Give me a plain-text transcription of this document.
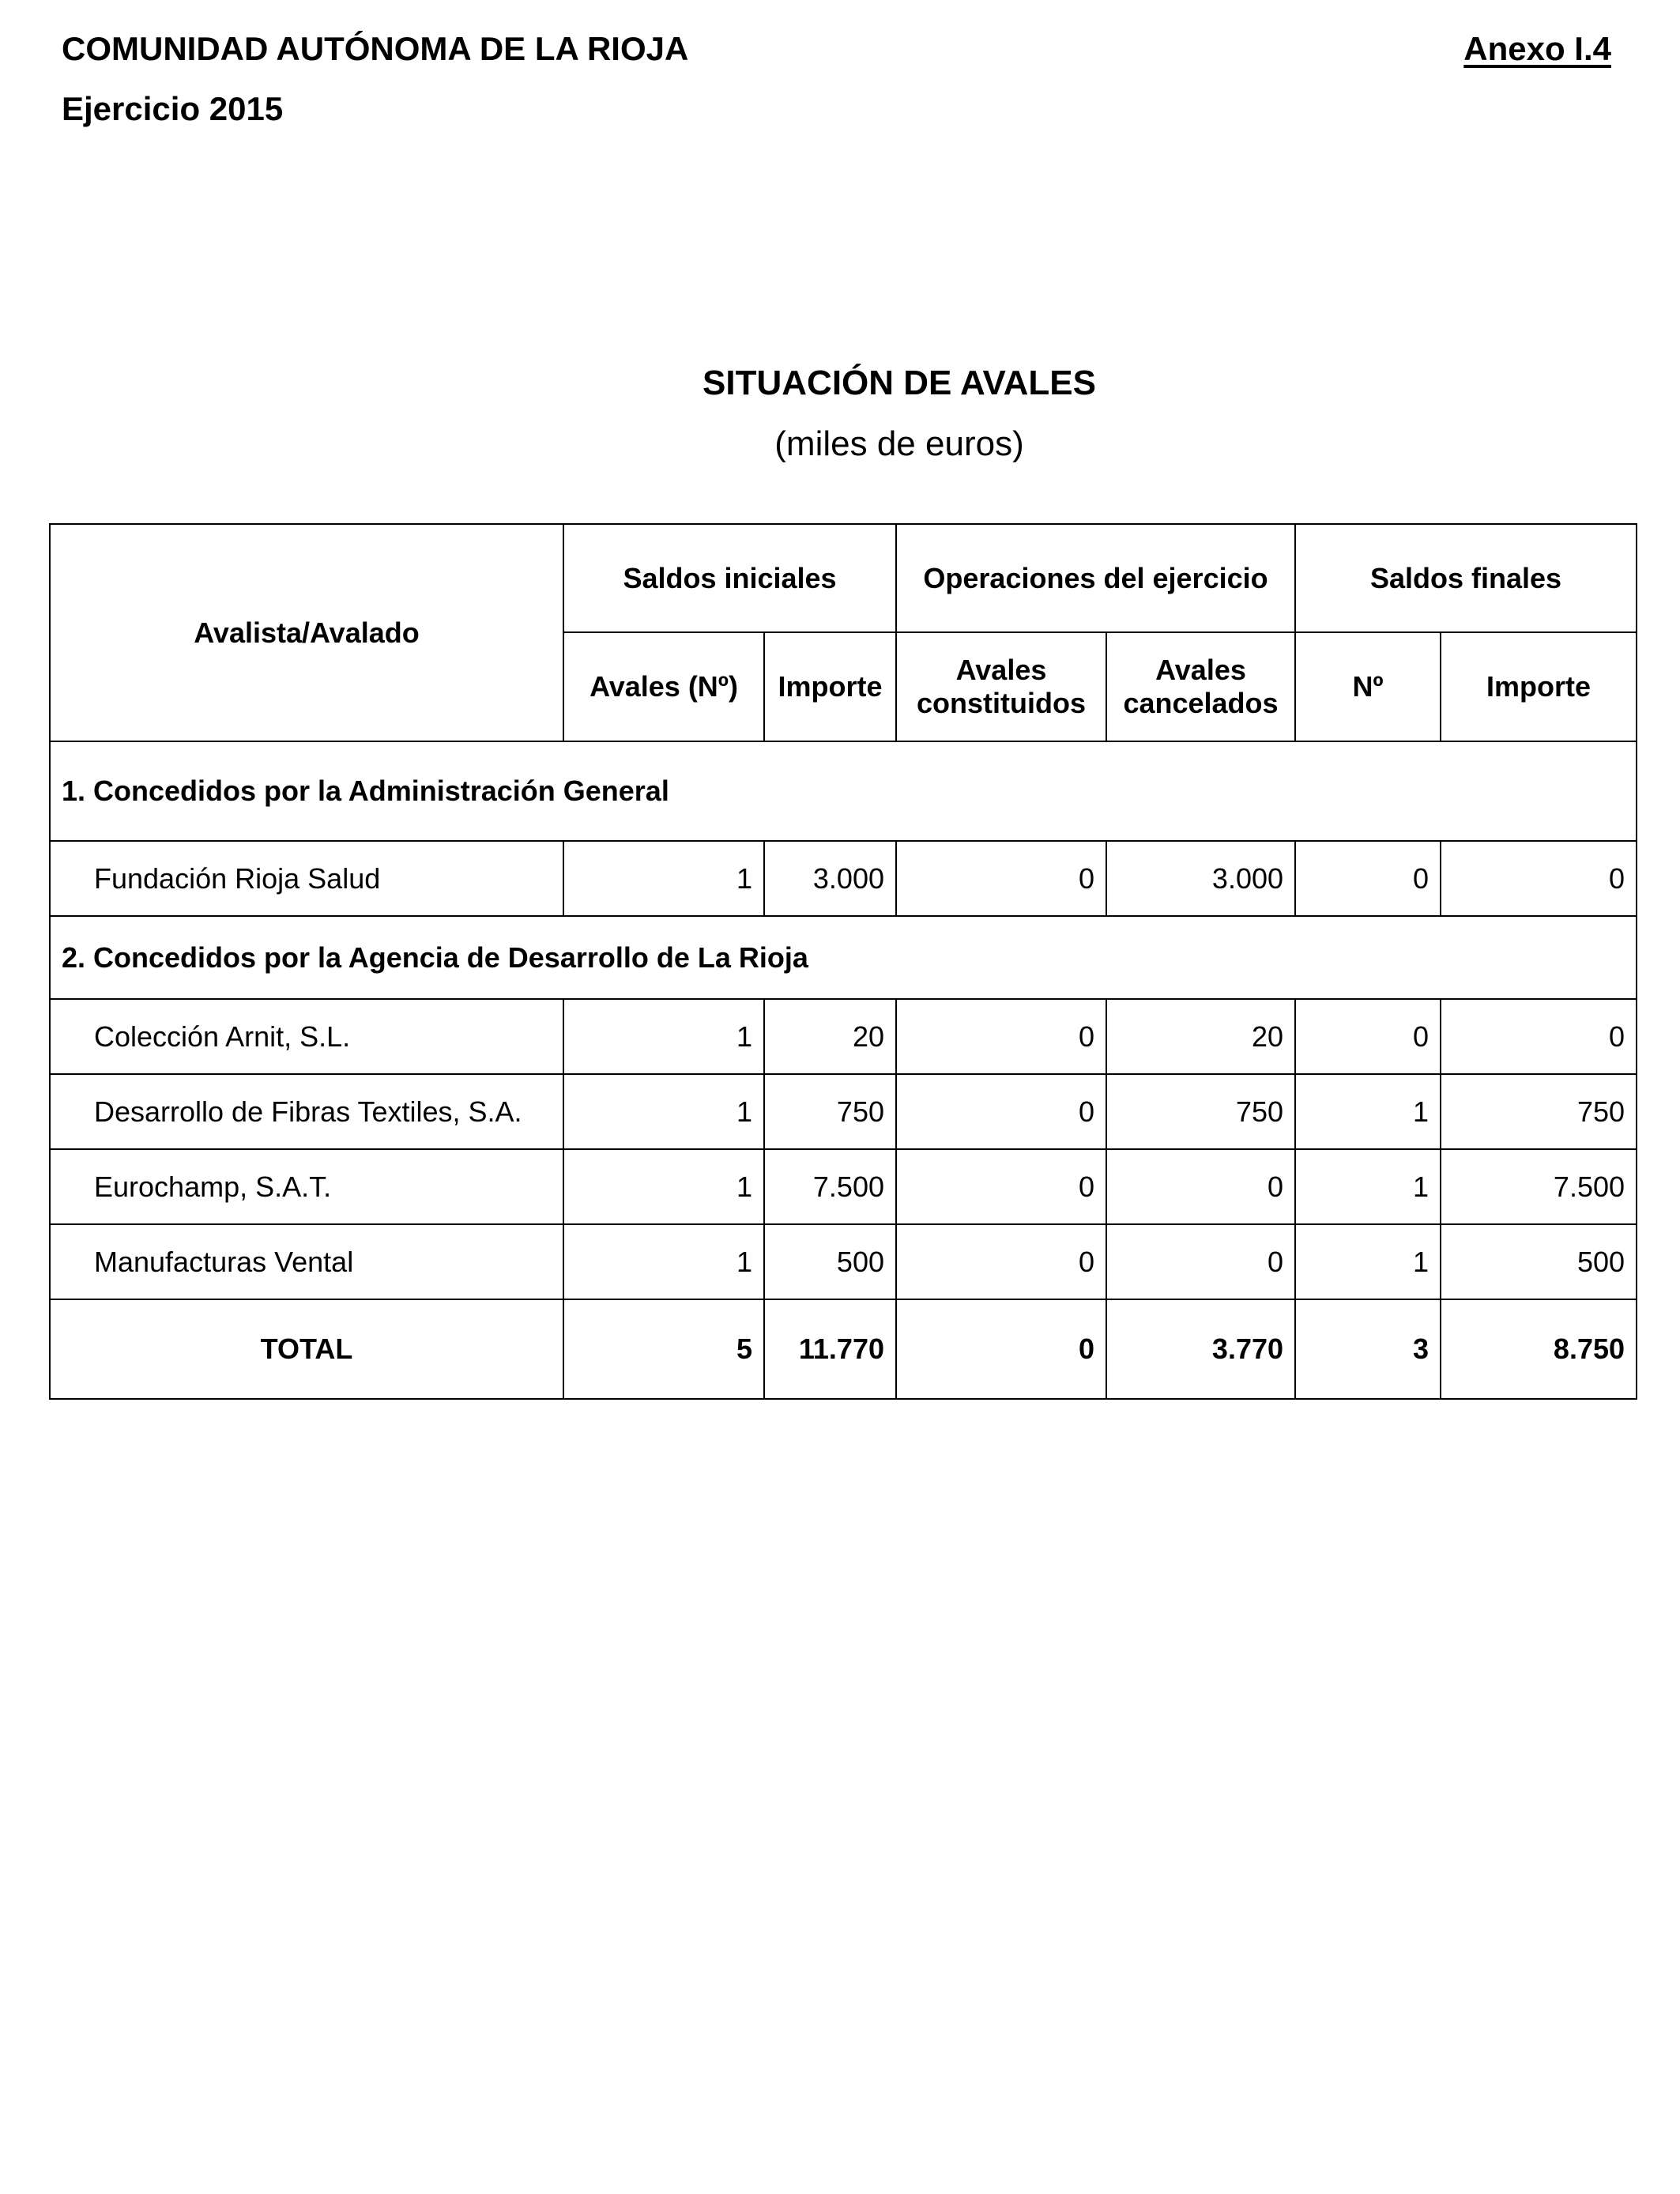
COMUNIDAD AUTÓNOMA DE LA RIOJA
Ejercicio 2015
Anexo I.4
SITUACIÓN DE AVALES
(miles de euros)
Avalista/Avalado	Saldos iniciales		Operaciones del ejercicio		Saldos finales	
	Avales (Nº)	Importe	Avales constituidos	Avales cancelados	Nº	Importe
1. Concedidos por la Administración General						
Fundación Rioja Salud	1	3.000	0	3.000	0	0
2. Concedidos por la Agencia de Desarrollo de La Rioja						
Colección Arnit, S.L.	1	20	0	20	0	0
Desarrollo de Fibras Textiles, S.A.	1	750	0	750	1	750
Eurochamp, S.A.T.	1	7.500	0	0	1	7.500
Manufacturas Vental	1	500	0	0	1	500
TOTAL	5	11.770	0	3.770	3	8.750
